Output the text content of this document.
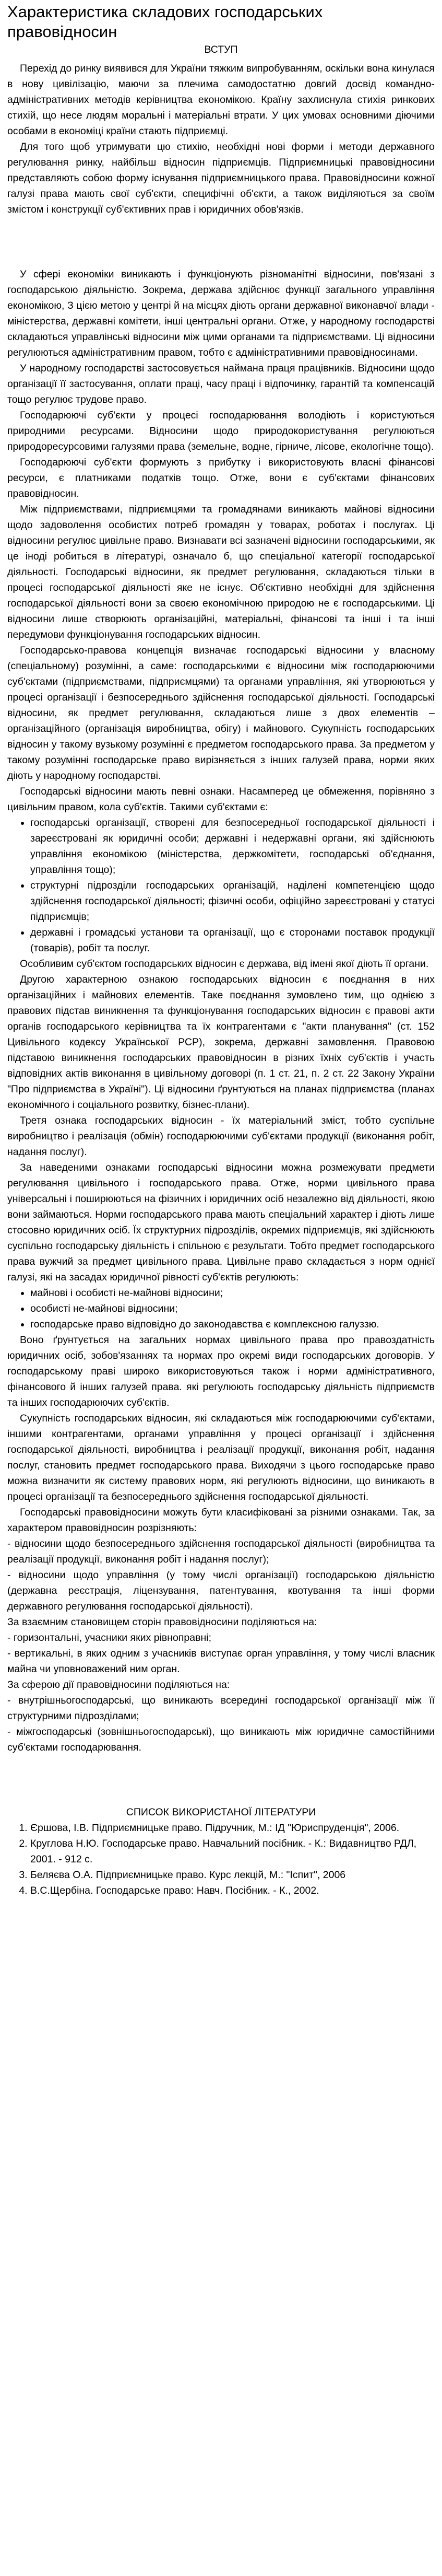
Характеристика складових господарських правовідносин

ВСТУП

Перехід до ринку виявився для України тяжким випробуванням, оскільки вона кинулася в нову цивілізацію, маючи за плечима самодостатню довгий досвід командно-адміністративних методів керівництва економікою. Країну захлиснула стихія ринкових стихій, що несе людям моральні і матеріальні втрати. У цих умовах основними діючими особами в економіці країни стають підприємці.

Для того щоб утримувати цю стихію, необхідні нові форми і методи державного регулювання ринку, найбільш відносин підприємців. Підприємницькі правовідносини представляють собою форму існування підприємницького права. Правовідносини кожної галузі права мають свої суб'єкти, специфічні об'єкти, а також виділяються за своїм змістом і конструкції суб'єктивних прав і юридичних обов'язків.

У сфері економіки виникають і функціонують різноманітні відносини, пов'язані з господарською діяльністю. Зокрема, держава здійснює функції загального управління економікою, З цією метою у центрі й на місцях діють органи державної виконавчої влади - міністерства, державні комітети, інші центральні органи. Отже, у народному господарстві складаються управлінські відносини між цими органами та підприємствами. Ці відносини регулюються адміністративним правом, тобто є адміністративними правовідносинами.

У народному господарстві застосовується наймана праця працівників. Відносини щодо організації її застосування, оплати праці, часу праці і відпочинку, гарантій та компенсацій тощо регулює трудове право.

Господарюючі суб'єкти у процесі господарювання володіють і користуються природними ресурсами. Відносини щодо природокористування регулюються природоресурсовими галузями права (земельне, водне, гірниче, лісове, екологічне тощо).

Господарюючі суб'єкти формують з прибутку і використовують власні фінансові ресурси, є платниками податків тощо. Отже, вони є суб'єктами фінансових правовідносин.

Між підприємствами, підприємцями та громадянами виникають майнові відносини щодо задоволення особистих потреб громадян у товарах, роботах і послугах. Ці відносини регулює цивільне право. Визнавати всі зазначені відносини господарськими, як це іноді робиться в літературі, означало б, що спеціальної категорії господарської діяльності. Господарські відносини, як предмет регулювання, складаються тільки в процесі господарської діяльності яке не існує. Об'єктивно необхідні для здійснення господарської діяльності вони за своєю економічною природою не є господарськими. Ці відносини лише створюють організаційні, матеріальні, фінансові та інші і та інші передумови функціонування господарських відносин.

Господарсько-правова концепція визначає господарські відносини у власному (спеціальному) розумінні, а саме: господарськими є відносини між господарюючими суб'єктами (підприємствами, підприємцями) та органами управління, які утворюються у процесі організації і безпосереднього здійснення господарської діяльності. Господарські відносини, як предмет регулювання, складаються лише з двох елементів – організаційного (організація виробництва, обігу) і майнового. Сукупність господарських відносин у такому вузькому розумінні є предметом господарського права. За предметом у такому розумінні господарське право вирізняється з інших галузей права, норми яких діють у народному господарстві.

Господарські відносини мають певні ознаки. Насамперед це обмеження, порівняно з цивільним правом, кола суб'єктів. Такими суб'єктами є:

• господарські організації, створені для безпосередньої господарської діяльності і зареєстровані як юридичні особи; державні і недержавні органи, які здійснюють управління економікою (міністерства, держкомітети, господарські об'єднання, управління тощо);
• структурні підрозділи господарських організацій, наділені компетенцією щодо здійснення господарської діяльності; фізичні особи, офіційно зареєстровані у статусі підприємців;
• державні і громадські установи та організації, що є сторонами поставок продукції (товарів), робіт та послуг.

Особливим суб'єктом господарських відносин є держава, від імені якої діють її органи.

Другою характерною ознакою господарських відносин є поєднання в них організаційних і майнових елементів. Таке поєднання зумовлено тим, що однією з правових підстав виникнення та функціонування господарських відносин є правові акти органів господарського керівництва та їх контрагентами є "акти планування" (ст. 152 Цивільного кодексу Української РСР), зокрема, державні замовлення. Правовою підставою виникнення господарських правовідносин в різних їхніх суб'єктів і участь відповідних актів виконання в цивільному договорі (п. 1 ст. 21, п. 2 ст. 22 Закону України "Про підприємства в Україні"). Ці відносини ґрунтуються на планах підприємства (планах економічного і соціального розвитку, бізнес-плани).

Третя ознака господарських відносин - їх матеріальний зміст, тобто суспільне виробництво і реалізація (обмін) господарюючими суб'єктами продукції (виконання робіт, надання послуг).

За наведеними ознаками господарські відносини можна розмежувати предмети регулювання цивільного і господарського права. Отже, норми цивільного права універсальні і поширюються на фізичних і юридичних осіб незалежно від діяльності, якою вони займаються. Норми господарського права мають спеціальний характер і діють лише стосовно юридичних осіб. Їх структурних підрозділів, окремих підприємців, які здійснюють суспільно господарську діяльність і спільною є результати. Тобто предмет господарського права вужчий за предмет цивільного права. Цивільне право складається з норм однієї галузі, які на засадах юридичної рівності суб'єктів регулюють:

• майнові і особисті не-майнові відносини;
• особисті не-майнові відносини;
• господарське право відповідно до законодавства є комплексною галуззю.

Воно ґрунтується на загальних нормах цивільного права про правоздатність юридичних осіб, зобов'язаннях та нормах про окремі види господарських договорів. У господарському праві широко використовуються також і норми адміністративного, фінансового й інших галузей права. які регулюють господарську діяльність підприємств та інших господарюючих суб'єктів.

Сукупність господарських відносин, які складаються між господарюючими суб'єктами, іншими контрагентами, органами управління у процесі організації і здійснення господарської діяльності, виробництва і реалізації продукції, виконання робіт, надання послуг, становить предмет господарського права. Виходячи з цього господарське право можна визначити як систему правових норм, які регулюють відносини, що виникають в процесі організації та безпосереднього здійснення господарської діяльності.

Господарські правовідносини можуть бути класифіковані за різними ознаками. Так, за характером правовідносин розрізняють:

- відносини щодо безпосереднього здійснення господарської діяльності (виробництва та реалізації продукції, виконання робіт і надання послуг);

- відносини щодо управління (у тому числі організації) господарською діяльністю (державна реєстрація, ліцензування, патентування, квотування та інші форми державного регулювання господарської діяльності).

За взаємним становищем сторін правовідносини поділяються на:

- горизонтальні, учасники яких рівноправні;

- вертикальні, в яких одним з учасників виступає орган управління, у тому числі власник майна чи уповноважений ним орган.

За сферою дії правовідносини поділяються на:

- внутрішньогосподарські, що виникають всередині господарської організації між її структурними підрозділами;

- міжгосподарські (зовнішньогосподарські), що виникають між юридичне самостійними суб'єктами господарювання.

СПИСОК ВИКОРИСТАНОЇ ЛІТЕРАТУРИ

1. Єршова, І.В. Підприємницьке право. Підручник, М.: ІД "Юриспруденція", 2006.
2. Круглова Н.Ю. Господарське право. Навчальний посібник. - К.: Видавництво РДЛ, 2001. - 912 с.
3. Беляєва О.А. Підприємницьке право. Курс лекцій, М.: "Іспит", 2006
4. В.С.Щербіна. Господарське право: Навч. Посібник. - К., 2002.
